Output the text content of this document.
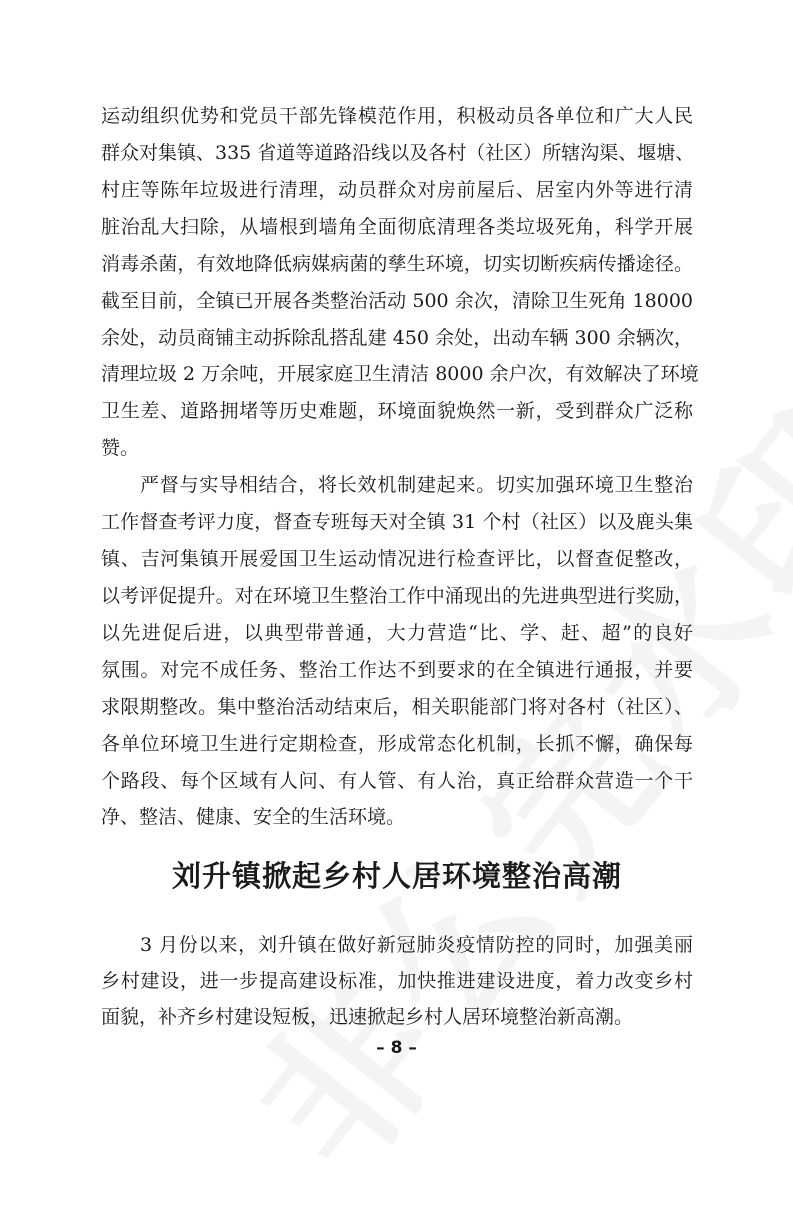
运动组织优势和党员干部先锋模范作用，积极动员各单位和广大人民
群众对集镇、335 省道等道路沿线以及各村（社区）所辖沟渠、堰塘、
村庄等陈年垃圾进行清理，动员群众对房前屋后、居室内外等进行清
脏治乱大扫除，从墙根到墙角全面彻底清理各类垃圾死角，科学开展
消毒杀菌，有效地降低病媒病菌的孳生环境，切实切断疾病传播途径。
截至目前，全镇已开展各类整治活动 500 余次，清除卫生死角 18000
余处，动员商铺主动拆除乱搭乱建 450 余处，出动车辆 300 余辆次，
清理垃圾 2 万余吨，开展家庭卫生清洁 8000 余户次，有效解决了环境
卫生差、道路拥堵等历史难题，环境面貌焕然一新，受到群众广泛称
赞。
严督与实导相结合，将长效机制建起来。切实加强环境卫生整治
工作督查考评力度，督查专班每天对全镇 31 个村（社区）以及鹿头集
镇、吉河集镇开展爱国卫生运动情况进行检查评比，以督查促整改，
以考评促提升。对在环境卫生整治工作中涌现出的先进典型进行奖励，
以先进促后进，以典型带普通，大力营造“比、学、赶、超”的良好
氛围。对完不成任务、整治工作达不到要求的在全镇进行通报，并要
求限期整改。集中整治活动结束后，相关职能部门将对各村（社区）、
各单位环境卫生进行定期检查，形成常态化机制，长抓不懈，确保每
个路段、每个区域有人问、有人管、有人治，真正给群众营造一个干
净、整洁、健康、安全的生活环境。
刘升镇掀起乡村人居环境整治高潮
3 月份以来，刘升镇在做好新冠肺炎疫情防控的同时，加强美丽
乡村建设，进一步提高建设标准，加快推进建设进度，着力改变乡村
面貌，补齐乡村建设短板，迅速掀起乡村人居环境整治新高潮。
– 8 –
